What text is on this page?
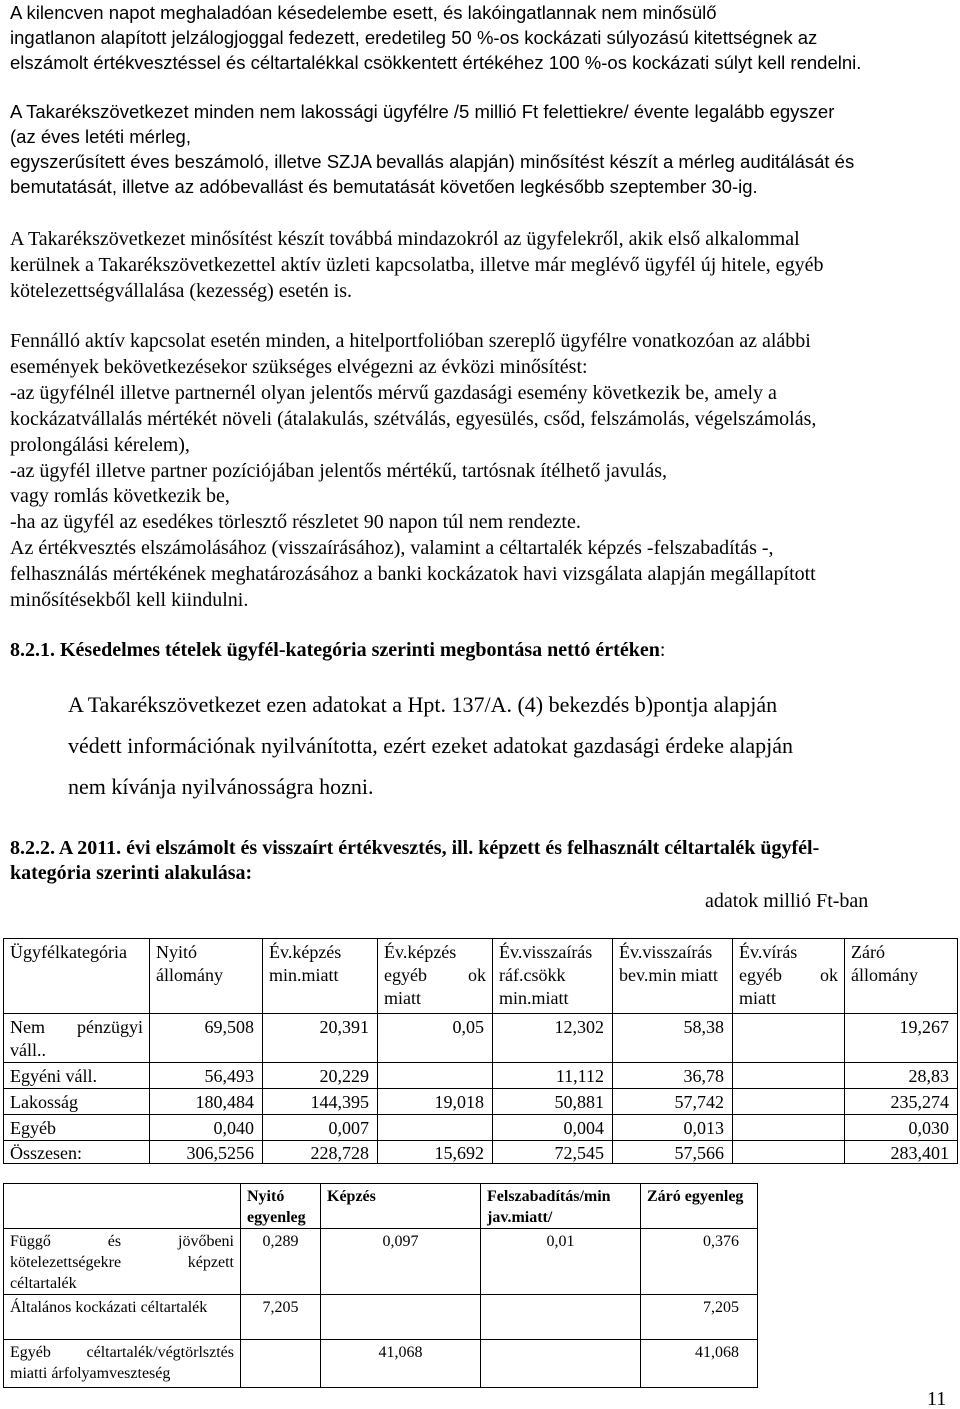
A kilencven napot meghaladóan késedelembe esett, és lakóingatlannak nem minősülő
ingatlanon alapított jelzálogjoggal fedezett, eredetileg 50 %-os kockázati súlyozású kitettségnek az
elszámolt értékvesztéssel és céltartalékkal csökkentett értékéhez 100 %-os kockázati súlyt kell rendelni.
A Takarékszövetkezet minden nem lakossági ügyfélre /5 millió Ft felettiekre/ évente legalább egyszer
(az éves letéti mérleg,
egyszerűsített éves beszámoló, illetve SZJA bevallás alapján) minősítést készít a mérleg auditálását és
bemutatását, illetve az adóbevallást és bemutatását követően legkésőbb szeptember 30-ig.
A Takarékszövetkezet minősítést készít továbbá mindazokról az ügyfelekről, akik első alkalommal
kerülnek a Takarékszövetkezettel aktív üzleti kapcsolatba, illetve már meglévő ügyfél új hitele, egyéb
kötelezettségvállalása (kezesség) esetén is.
Fennálló aktív kapcsolat esetén minden, a hitelportfolióban szereplő ügyfélre vonatkozóan az alábbi
események bekövetkezésekor szükséges elvégezni az évközi minősítést:
-az ügyfélnél illetve partnernél olyan jelentős mérvű gazdasági esemény következik be, amely a
kockázatvállalás mértékét növeli (átalakulás, szétválás, egyesülés, csőd, felszámolás, végelszámolás,
prolongálási kérelem),
-az ügyfél illetve partner pozíciójában jelentős mértékű, tartósnak ítélhető javulás,
vagy romlás következik be,
-ha az ügyfél az esedékes törlesztő részletet 90 napon túl nem rendezte.
Az értékvesztés elszámolásához (visszaírásához), valamint a céltartalék képzés -felszabadítás -,
felhasználás mértékének meghatározásához a banki kockázatok havi vizsgálata alapján megállapított
minősítésekből kell kiindulni.
8.2.1. Késedelmes tételek ügyfél-kategória szerinti megbontása nettó értéken:
A Takarékszövetkezet ezen adatokat a Hpt. 137/A. (4) bekezdés b)pontja alapján
védett információnak nyilvánította, ezért ezeket adatokat gazdasági érdeke alapján
nem kívánja nyilvánosságra hozni.
8.2.2. A 2011. évi elszámolt és visszaírt értékvesztés, ill. képzett és felhasznált céltartalék ügyfél-
kategória szerinti alakulása:
adatok millió Ft-ban
Ügyfélkategória	Nyitó állomány	Év.képzés min.miatt	Év.képzés egyéb ok miatt	Év.visszaírás ráf.csökk min.miatt	Év.visszaírás bev.min miatt	Év.vírás egyéb ok miatt	Záró állomány
Nem pénzügyi váll..	69,508	20,391	0,05	12,302	58,38		19,267
Egyéni váll.	56,493	20,229		11,112	36,78		28,83
Lakosság	180,484	144,395	19,018	50,881	57,742		235,274
Egyéb	0,040	0,007		0,004	0,013		0,030
Összesen:	306,5256	228,728	15,692	72,545	57,566		283,401
	Nyitó egyenleg	Képzés	Felszabadítás/min jav.miatt/	Záró egyenleg
Függő és jövőbeni kötelezettségekre képzett céltartalék	0,289	0,097	0,01	0,376
Általános kockázati céltartalék	7,205			7,205
Egyéb céltartalék/végtörlsztés miatti árfolyamveszteség		41,068		41,068
11
